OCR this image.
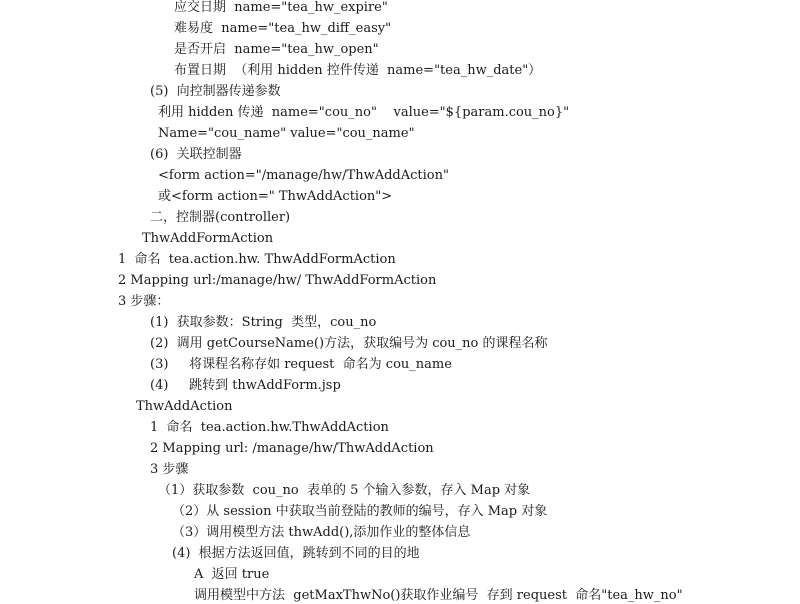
应交日期  name="tea_hw_expire"
难易度  name="tea_hw_diff_easy"
是否开启  name="tea_hw_open"
布置日期  （利用 hidden 控件传递  name="tea_hw_date"）
(5)  向控制器传递参数
利用 hidden 传递  name="cou_no"    value="${param.cou_no}"
Name="cou_name" value="cou_name"
(6)  关联控制器
<form action="/manage/hw/ThwAddAction"
或<form action=" ThwAddAction">
二，控制器(controller)
ThwAddFormAction
1  命名  tea.action.hw. ThwAddFormAction
2 Mapping url:/manage/hw/ ThwAddFormAction
3 步骤：
(1)  获取参数：String  类型，cou_no
(2)  调用 getCourseName()方法，获取编号为 cou_no 的课程名称
(3)     将课程名称存如 request  命名为 cou_name
(4)     跳转到 thwAddForm.jsp
ThwAddAction
1  命名  tea.action.hw.ThwAddAction
2 Mapping url: /manage/hw/ThwAddAction
3 步骤
（1）获取参数  cou_no  表单的 5 个输入参数，存入 Map 对象
（2）从 session 中获取当前登陆的教师的编号，存入 Map 对象
（3）调用模型方法 thwAdd(),添加作业的整体信息
(4)  根据方法返回值，跳转到不同的目的地
A  返回 true
调用模型中方法  getMaxThwNo()获取作业编号  存到 request  命名"tea_hw_no"
